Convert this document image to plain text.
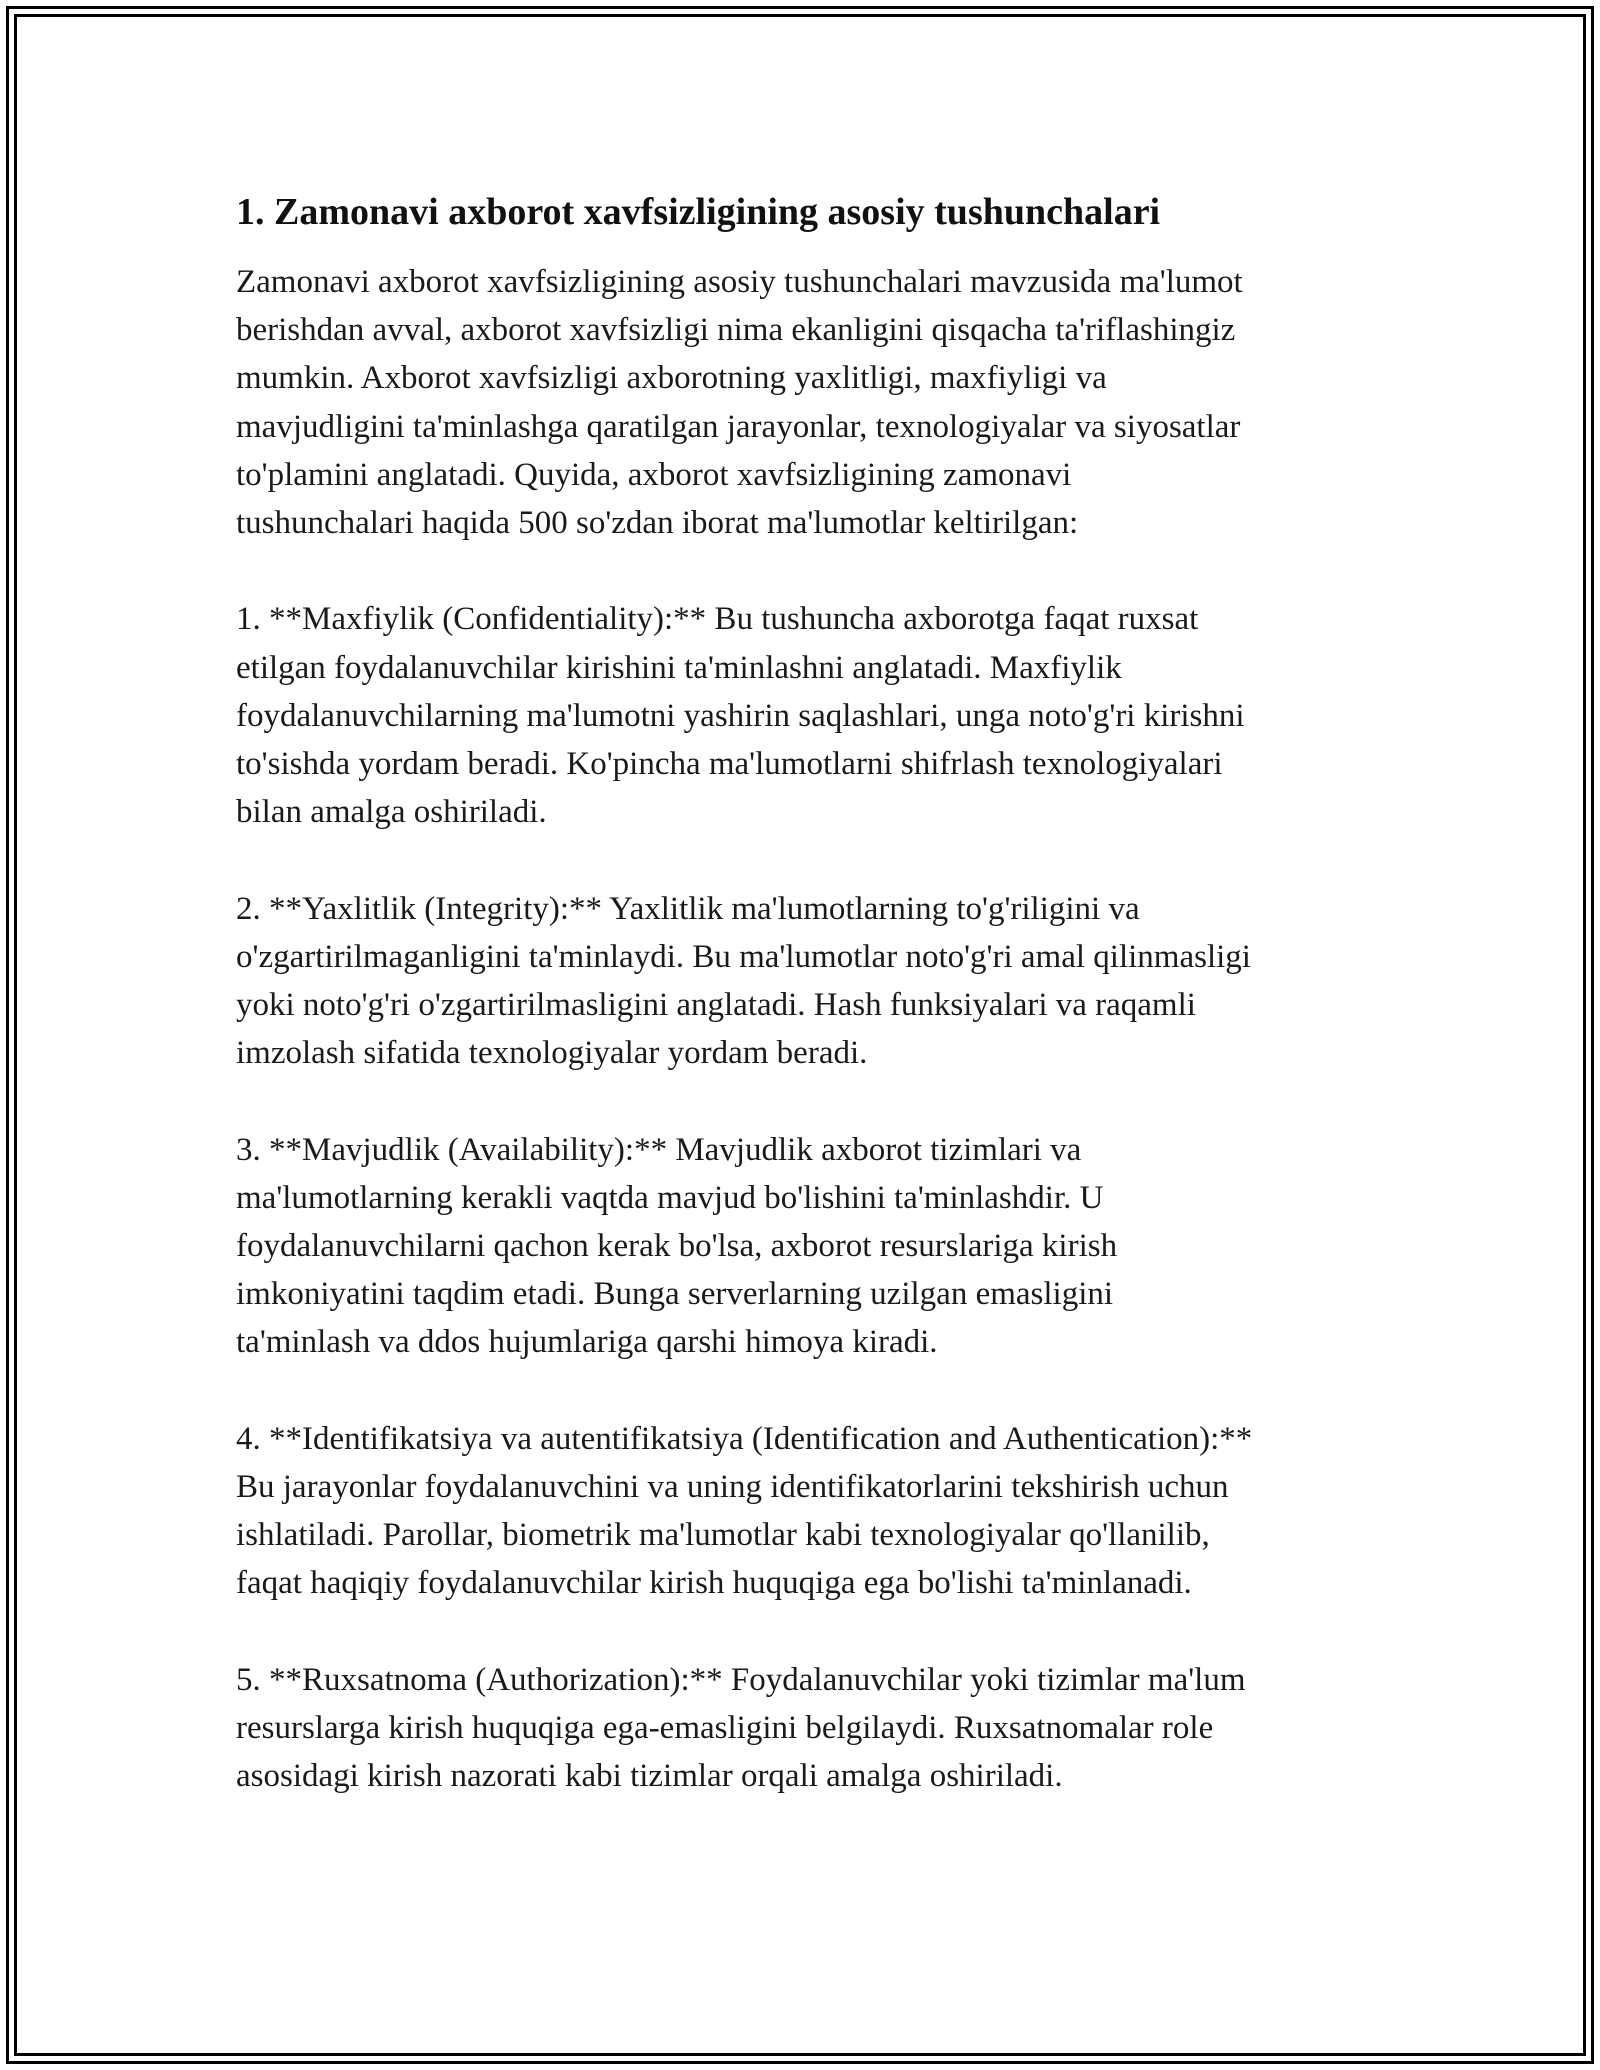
1. Zamonavi axborot xavfsizligining asosiy tushunchalari

Zamonavi axborot xavfsizligining asosiy tushunchalari mavzusida ma'lumot
berishdan avval, axborot xavfsizligi nima ekanligini qisqacha ta'riflashingiz
mumkin. Axborot xavfsizligi axborotning yaxlitligi, maxfiyligi va
mavjudligini ta'minlashga qaratilgan jarayonlar, texnologiyalar va siyosatlar
to'plamini anglatadi. Quyida, axborot xavfsizligining zamonavi
tushunchalari haqida 500 so'zdan iborat ma'lumotlar keltirilgan:

1. **Maxfiylik (Confidentiality):** Bu tushuncha axborotga faqat ruxsat
etilgan foydalanuvchilar kirishini ta'minlashni anglatadi. Maxfiylik
foydalanuvchilarning ma'lumotni yashirin saqlashlari, unga noto'g'ri kirishni
to'sishda yordam beradi. Ko'pincha ma'lumotlarni shifrlash texnologiyalari
bilan amalga oshiriladi.

2. **Yaxlitlik (Integrity):** Yaxlitlik ma'lumotlarning to'g'riligini va
o'zgartirilmaganligini ta'minlaydi. Bu ma'lumotlar noto'g'ri amal qilinmasligi
yoki noto'g'ri o'zgartirilmasligini anglatadi. Hash funksiyalari va raqamli
imzolash sifatida texnologiyalar yordam beradi.

3. **Mavjudlik (Availability):** Mavjudlik axborot tizimlari va
ma'lumotlarning kerakli vaqtda mavjud bo'lishini ta'minlashdir. U
foydalanuvchilarni qachon kerak bo'lsa, axborot resurslariga kirish
imkoniyatini taqdim etadi. Bunga serverlarning uzilgan emasligini
ta'minlash va ddos hujumlariga qarshi himoya kiradi.

4. **Identifikatsiya va autentifikatsiya (Identification and Authentication):**
Bu jarayonlar foydalanuvchini va uning identifikatorlarini tekshirish uchun
ishlatiladi. Parollar, biometrik ma'lumotlar kabi texnologiyalar qo'llanilib,
faqat haqiqiy foydalanuvchilar kirish huquqiga ega bo'lishi ta'minlanadi.

5. **Ruxsatnoma (Authorization):** Foydalanuvchilar yoki tizimlar ma'lum
resurslarga kirish huquqiga ega-emasligini belgilaydi. Ruxsatnomalar role
asosidagi kirish nazorati kabi tizimlar orqali amalga oshiriladi.
